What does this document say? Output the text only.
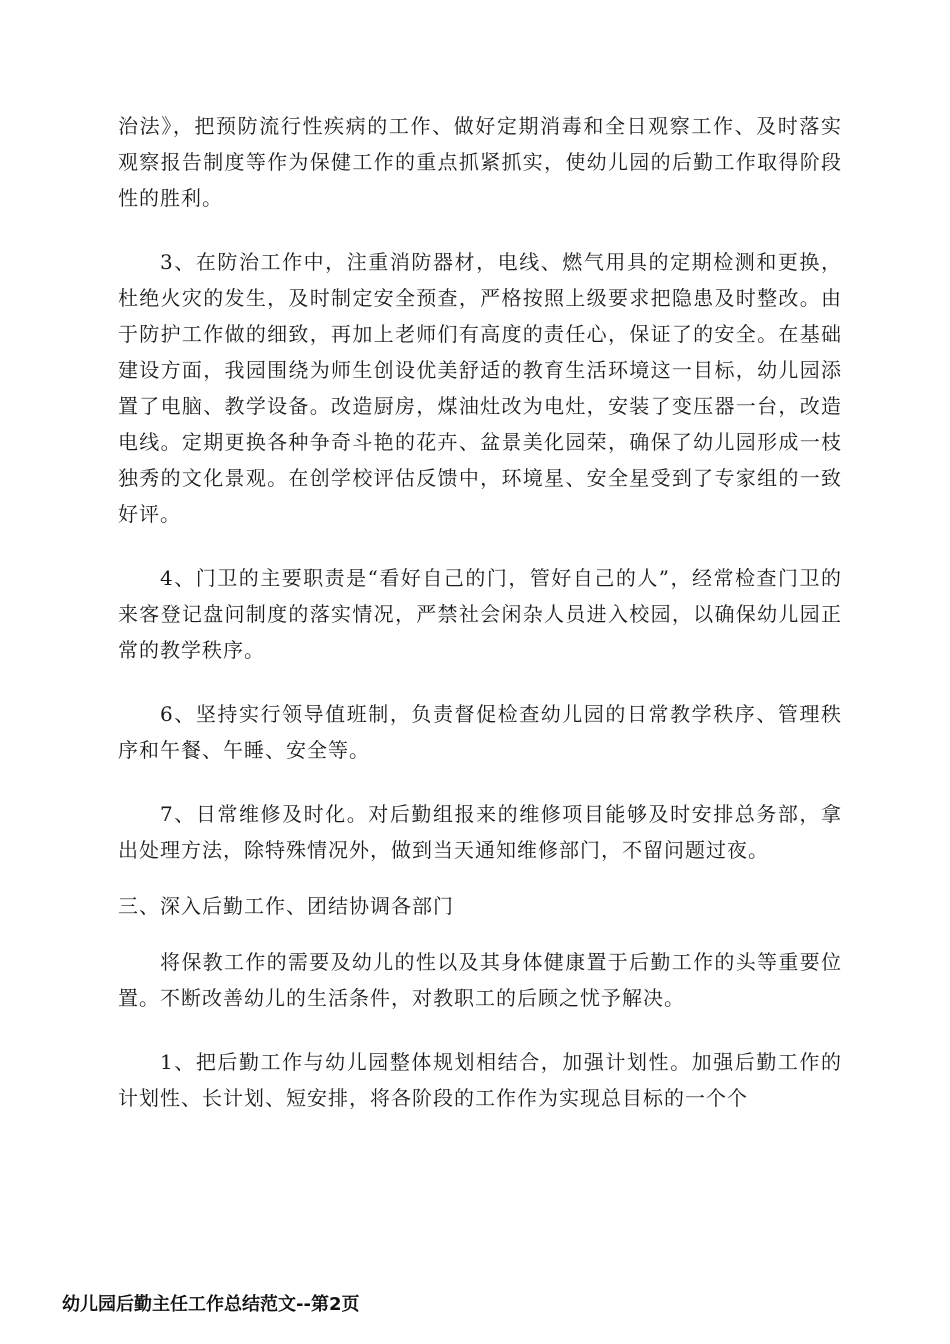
治法》，把预防流行性疾病的工作、做好定期消毒和全日观察工作、及时落实观察报告制度等作为保健工作的重点抓紧抓实，使幼儿园的后勤工作取得阶段性的胜利。

3、在防治工作中，注重消防器材，电线、燃气用具的定期检测和更换，杜绝火灾的发生，及时制定安全预查，严格按照上级要求把隐患及时整改。由于防护工作做的细致，再加上老师们有高度的责任心，保证了的安全。在基础建设方面，我园围绕为师生创设优美舒适的教育生活环境这一目标，幼儿园添置了电脑、教学设备。改造厨房，煤油灶改为电灶，安装了变压器一台，改造电线。定期更换各种争奇斗艳的花卉、盆景美化园荣，确保了幼儿园形成一枝独秀的文化景观。在创学校评估反馈中，环境星、安全星受到了专家组的一致好评。

4、门卫的主要职责是“看好自己的门，管好自己的人”，经常检查门卫的来客登记盘问制度的落实情况，严禁社会闲杂人员进入校园，以确保幼儿园正常的教学秩序。

6、坚持实行领导值班制，负责督促检查幼儿园的日常教学秩序、管理秩序和午餐、午睡、安全等。

7、日常维修及时化。对后勤组报来的维修项目能够及时安排总务部，拿出处理方法，除特殊情况外，做到当天通知维修部门，不留问题过夜。

三、深入后勤工作、团结协调各部门

将保教工作的需要及幼儿的性以及其身体健康置于后勤工作的头等重要位置。不断改善幼儿的生活条件，对教职工的后顾之忧予解决。

1、把后勤工作与幼儿园整体规划相结合，加强计划性。加强后勤工作的计划性、长计划、短安排，将各阶段的工作作为实现总目标的一个个

幼儿园后勤主任工作总结范文--第2页
